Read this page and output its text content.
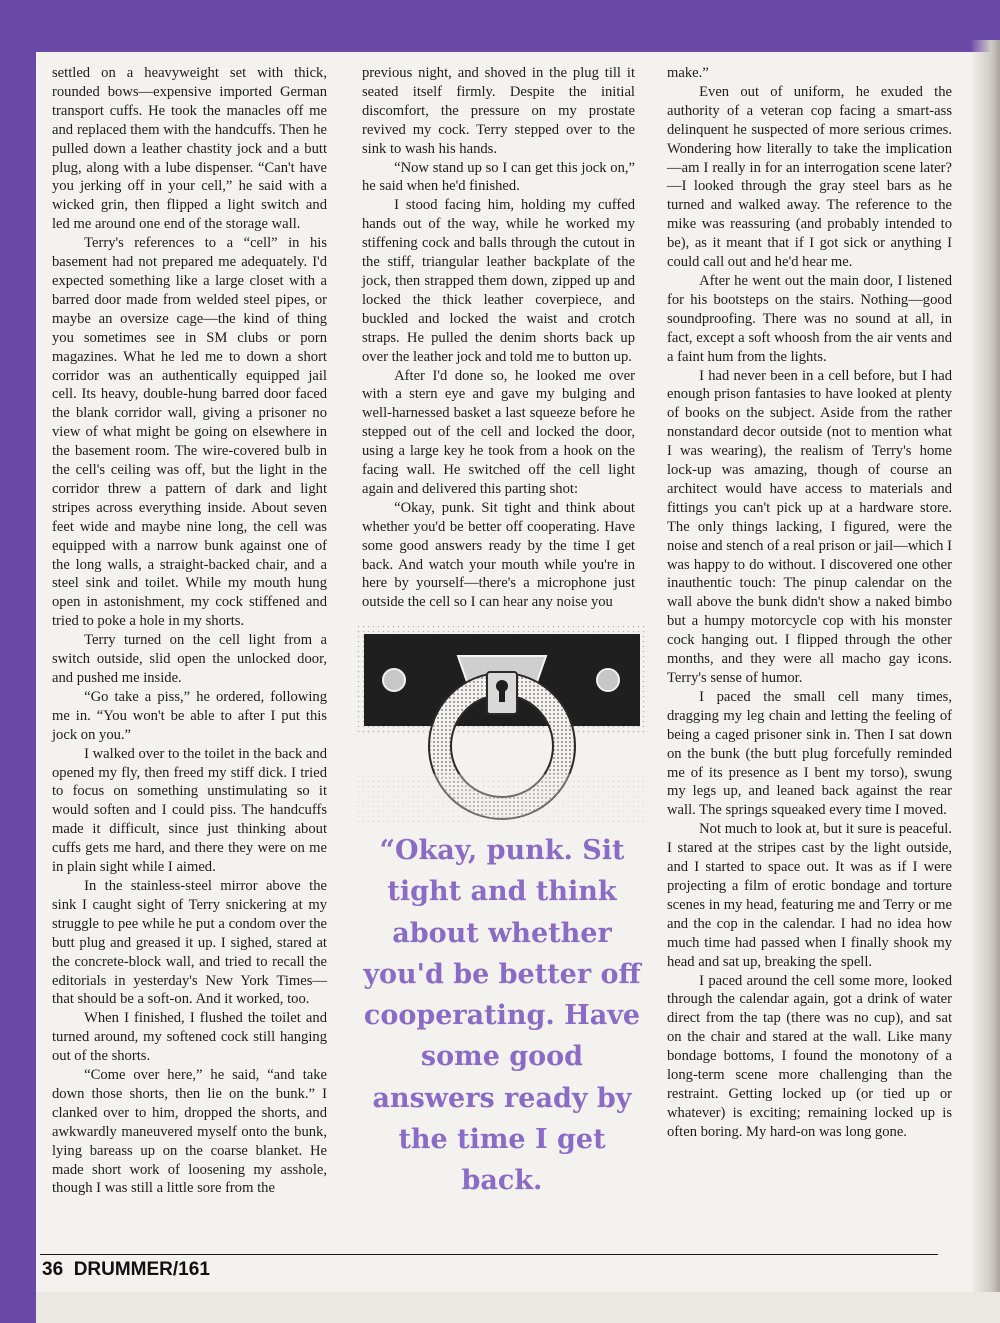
settled on a heavyweight set with thick, rounded bows—expensive imported German transport cuffs. He took the manacles off me and replaced them with the handcuffs. Then he pulled down a leather chastity jock and a butt plug, along with a lube dispenser. “Can't have you jerking off in your cell,” he said with a wicked grin, then flipped a light switch and led me around one end of the storage wall.

Terry's references to a “cell” in his basement had not prepared me adequately. I'd expected something like a large closet with a barred door made from welded steel pipes, or maybe an oversize cage—the kind of thing you sometimes see in SM clubs or porn magazines. What he led me to down a short corridor was an authentically equipped jail cell. Its heavy, double-hung barred door faced the blank corridor wall, giving a prisoner no view of what might be going on elsewhere in the basement room. The wire-covered bulb in the cell's ceiling was off, but the light in the corridor threw a pattern of dark and light stripes across everything inside. About seven feet wide and maybe nine long, the cell was equipped with a narrow bunk against one of the long walls, a straight-backed chair, and a steel sink and toilet. While my mouth hung open in astonishment, my cock stiffened and tried to poke a hole in my shorts.

Terry turned on the cell light from a switch outside, slid open the unlocked door, and pushed me inside.

“Go take a piss,” he ordered, following me in. “You won't be able to after I put this jock on you.”

I walked over to the toilet in the back and opened my fly, then freed my stiff dick. I tried to focus on something unstimulating so it would soften and I could piss. The handcuffs made it difficult, since just thinking about cuffs gets me hard, and there they were on me in plain sight while I aimed.

In the stainless-steel mirror above the sink I caught sight of Terry snickering at my struggle to pee while he put a condom over the butt plug and greased it up. I sighed, stared at the concrete-block wall, and tried to recall the editorials in yesterday's New York Times—that should be a soft-on. And it worked, too.

When I finished, I flushed the toilet and turned around, my softened cock still hanging out of the shorts.

“Come over here,” he said, “and take down those shorts, then lie on the bunk.” I clanked over to him, dropped the shorts, and awkwardly maneuvered myself onto the bunk, lying bareass up on the coarse blanket. He made short work of loosening my asshole, though I was still a little sore from the

previous night, and shoved in the plug till it seated itself firmly. Despite the initial discomfort, the pressure on my prostate revived my cock. Terry stepped over to the sink to wash his hands.

“Now stand up so I can get this jock on,” he said when he'd finished.

I stood facing him, holding my cuffed hands out of the way, while he worked my stiffening cock and balls through the cutout in the stiff, triangular leather backplate of the jock, then strapped them down, zipped up and locked the thick leather coverpiece, and buckled and locked the waist and crotch straps. He pulled the denim shorts back up over the leather jock and told me to button up.

After I'd done so, he looked me over with a stern eye and gave my bulging and well-harnessed basket a last squeeze before he stepped out of the cell and locked the door, using a large key he took from a hook on the facing wall. He switched off the cell light again and delivered this parting shot:

“Okay, punk. Sit tight and think about whether you'd be better off cooperating. Have some good answers ready by the time I get back. And watch your mouth while you're in here by yourself—there's a microphone just outside the cell so I can hear any noise you

make.”

Even out of uniform, he exuded the authority of a veteran cop facing a smart-ass delinquent he suspected of more serious crimes. Wondering how literally to take the implication—am I really in for an interrogation scene later?—I looked through the gray steel bars as he turned and walked away. The reference to the mike was reassuring (and probably intended to be), as it meant that if I got sick or anything I could call out and he'd hear me.

After he went out the main door, I listened for his bootsteps on the stairs. Nothing—good soundproofing. There was no sound at all, in fact, except a soft whoosh from the air vents and a faint hum from the lights.

I had never been in a cell before, but I had enough prison fantasies to have looked at plenty of books on the subject. Aside from the rather nonstandard decor outside (not to mention what I was wearing), the realism of Terry's home lock-up was amazing, though of course an architect would have access to materials and fittings you can't pick up at a hardware store. The only things lacking, I figured, were the noise and stench of a real prison or jail—which I was happy to do without. I discovered one other inauthentic touch: The pinup calendar on the wall above the bunk didn't show a naked bimbo but a humpy motorcycle cop with his monster cock hanging out. I flipped through the other months, and they were all macho gay icons. Terry's sense of humor.

I paced the small cell many times, dragging my leg chain and letting the feeling of being a caged prisoner sink in. Then I sat down on the bunk (the butt plug forcefully reminded me of its presence as I bent my torso), swung my legs up, and leaned back against the rear wall. The springs squeaked every time I moved.

Not much to look at, but it sure is peaceful. I stared at the stripes cast by the light outside, and I started to space out. It was as if I were projecting a film of erotic bondage and torture scenes in my head, featuring me and Terry or me and the cop in the calendar. I had no idea how much time had passed when I finally shook my head and sat up, breaking the spell.

I paced around the cell some more, looked through the calendar again, got a drink of water direct from the tap (there was no cup), and sat on the chair and stared at the wall. Like many bondage bottoms, I found the monotony of a long-term scene more challenging than the restraint. Getting locked up (or tied up or whatever) is exciting; remaining locked up is often boring. My hard-on was long gone.

“Okay, punk. Sit tight and think about whether you'd be better off cooperating. Have some good answers ready by the time I get back.

36  DRUMMER/161
